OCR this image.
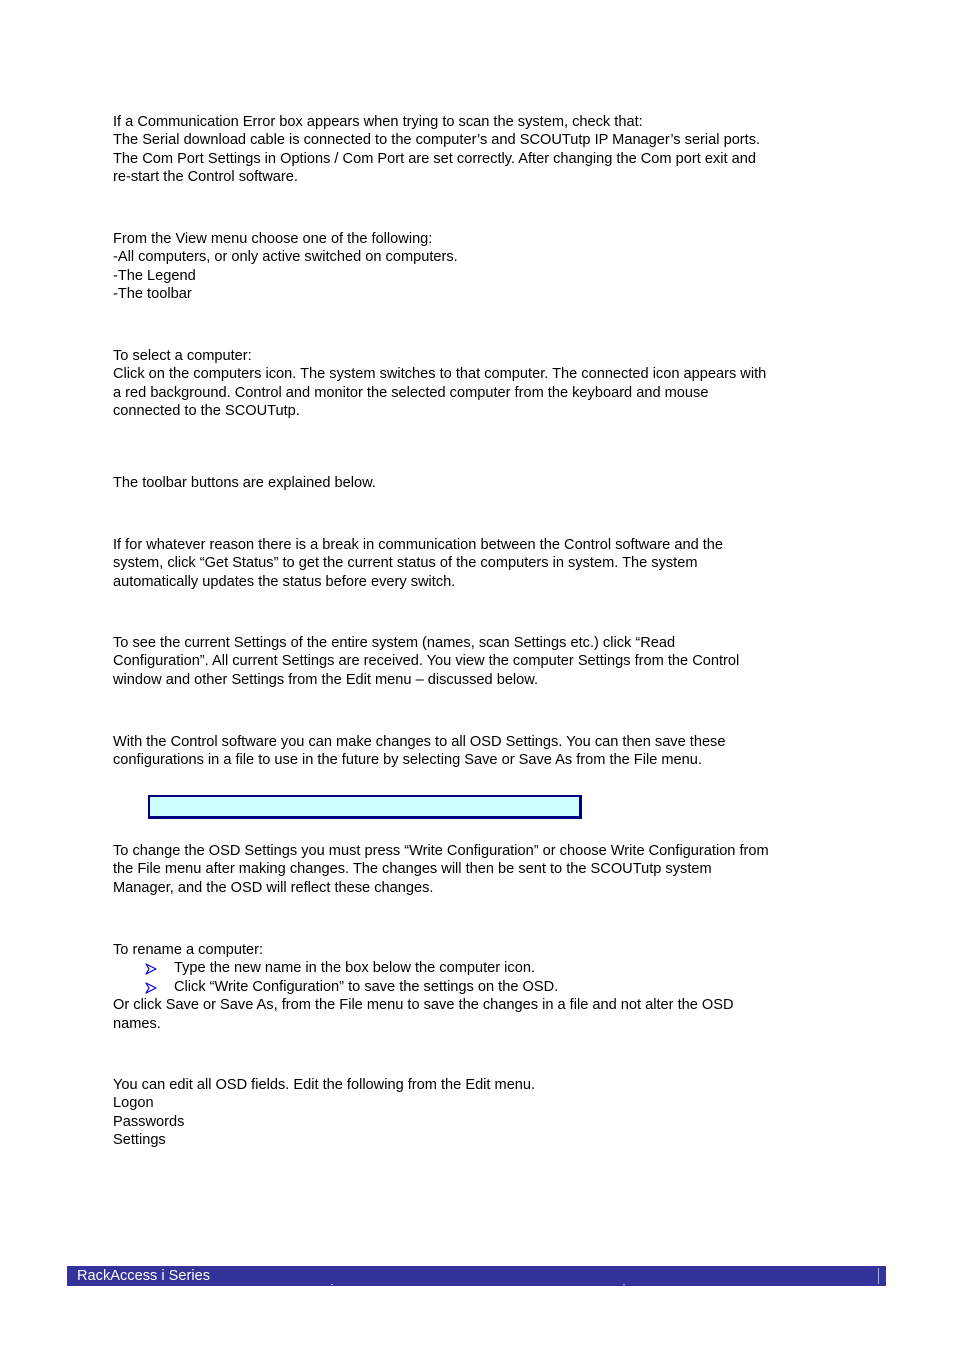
If a Communication Error box appears when trying to scan the system, check that:
The Serial download cable is connected to the computer’s and SCOUTutp IP Manager’s serial ports.
The Com Port Settings in Options / Com Port are set correctly. After changing the Com port exit and
re-start the Control software.
From the View menu choose one of the following:
-All computers, or only active switched on computers.
-The Legend
-The toolbar
To select a computer:
Click on the computers icon. The system switches to that computer. The connected icon appears with
a red background. Control and monitor the selected computer from the keyboard and mouse
connected to the SCOUTutp.
The toolbar buttons are explained below.
If for whatever reason there is a break in communication between the Control software and the
system, click “Get Status” to get the current status of the computers in system. The system
automatically updates the status before every switch.
To see the current Settings of the entire system (names, scan Settings etc.) click “Read
Configuration”. All current Settings are received. You view the computer Settings from the Control
window and other Settings from the Edit menu – discussed below.
With the Control software you can make changes to all OSD Settings. You can then save these
configurations in a file to use in the future by selecting Save or Save As from the File menu.
To change the OSD Settings you must press “Write Configuration” or choose Write Configuration from
the File menu after making changes. The changes will then be sent to the SCOUTutp system
Manager, and the OSD will reflect these changes.
To rename a computer:
Type the new name in the box below the computer icon.
Click “Write Configuration” to save the settings on the OSD.
Or click Save or Save As, from the File menu to save the changes in a file and not alter the OSD
names.
You can edit all OSD fields. Edit the following from the Edit menu.
Logon
Passwords
Settings
RackAccess i Series
